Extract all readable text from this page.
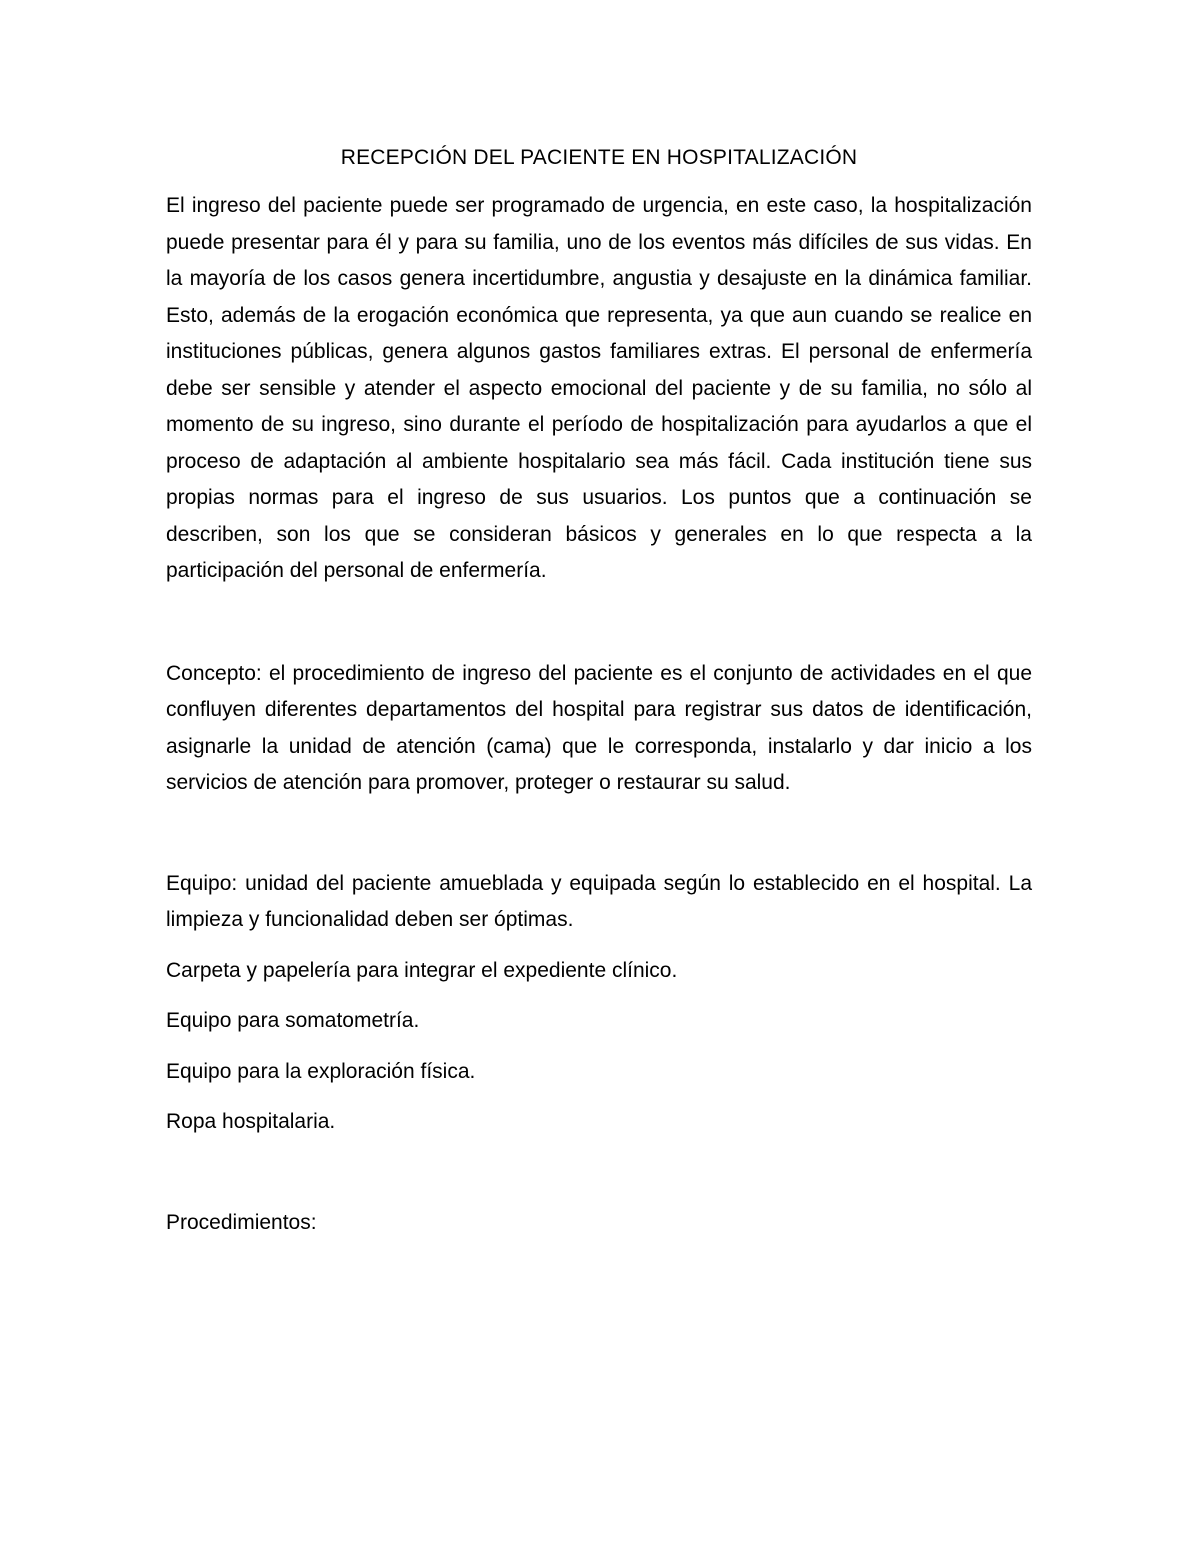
RECEPCIÓN DEL PACIENTE EN HOSPITALIZACIÓN

El ingreso del paciente puede ser programado de urgencia, en este caso, la hospitalización puede presentar para él y para su familia, uno de los eventos más difíciles de sus vidas. En la mayoría de los casos genera incertidumbre, angustia y desajuste en la dinámica familiar. Esto, además de la erogación económica que representa, ya que aun cuando se realice en instituciones públicas, genera algunos gastos familiares extras. El personal de enfermería debe ser sensible y atender el aspecto emocional del paciente y de su familia, no sólo al momento de su ingreso, sino durante el período de hospitalización para ayudarlos a que el proceso de adaptación al ambiente hospitalario sea más fácil. Cada institución tiene sus propias normas para el ingreso de sus usuarios. Los puntos que a continuación se describen, son los que se consideran básicos y generales en lo que respecta a la participación del personal de enfermería.

Concepto: el procedimiento de ingreso del paciente es el conjunto de actividades en el que confluyen diferentes departamentos del hospital para registrar sus datos de identificación, asignarle la unidad de atención (cama) que le corresponda, instalarlo y dar inicio a los servicios de atención para promover, proteger o restaurar su salud.

Equipo: unidad del paciente amueblada y equipada según lo establecido en el hospital. La limpieza y funcionalidad deben ser óptimas.

Carpeta y papelería para integrar el expediente clínico.

Equipo para somatometría.

Equipo para la exploración física.

Ropa hospitalaria.

Procedimientos:
